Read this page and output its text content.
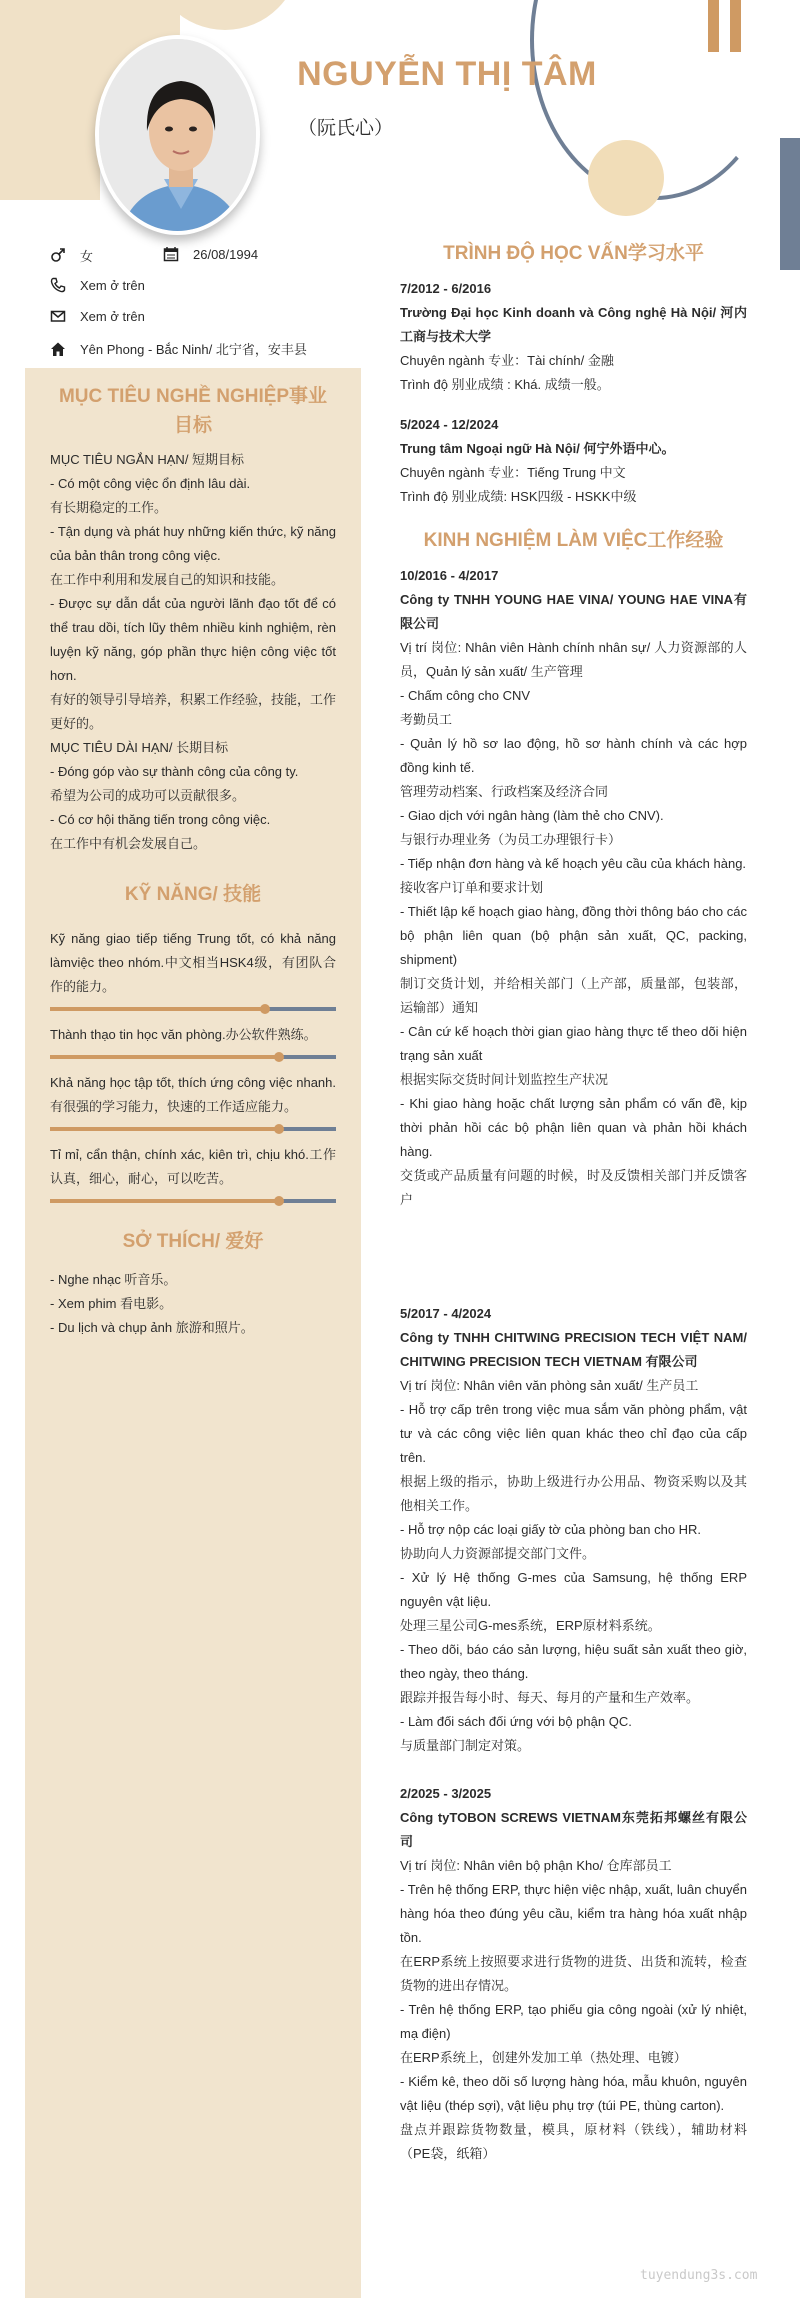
NGUYỄN THỊ TÂM
（阮氏心）
女	26/08/1994
Xem ở trên
Xem ở trên
Yên Phong - Bắc Ninh/ 北宁省，安丰县
MỤC TIÊU NGHỀ NGHIỆP事业目标
MỤC TIÊU NGẮN HẠN/ 短期目标
- Có một công việc ổn định lâu dài.
有长期稳定的工作。
- Tận dụng và phát huy những kiến thức, kỹ năng của bản thân trong công việc.
在工作中利用和发展自己的知识和技能。
- Được sự dẫn dắt của người lãnh đạo tốt để có thể trau dồi, tích lũy thêm nhiều kinh nghiệm, rèn luyện kỹ năng, góp phần thực hiện công việc tốt hơn.
有好的领导引导培养，积累工作经验，技能，工作更好的。
MỤC TIÊU DÀI HẠN/ 长期目标
- Đóng góp vào sự thành công của công ty.
希望为公司的成功可以贡献很多。
- Có cơ hội thăng tiến trong công việc.
在工作中有机会发展自己。
KỸ NĂNG/ 技能
Kỹ năng giao tiếp tiếng Trung tốt, có khả năng làmviệc theo nhóm.中文相当HSK4级，有团队合作的能力。
Thành thạo tin học văn phòng.办公软件熟练。
Khả năng học tập tốt, thích ứng công việc nhanh.有很强的学习能力，快速的工作适应能力。
Tỉ mỉ, cẩn thận, chính xác, kiên trì, chịu khó.工作认真，细心，耐心，可以吃苦。
SỞ THÍCH/ 爱好
- Nghe nhạc 听音乐。
- Xem phim 看电影。
- Du lịch và chụp ảnh 旅游和照片。
TRÌNH ĐỘ HỌC VẤN学习水平
7/2012 - 6/2016
Trường Đại học Kinh doanh và Công nghệ Hà Nội/ 河内工商与技术大学
Chuyên ngành 专业：Tài chính/ 金融
Trình độ 别业成绩 : Khá. 成绩一般。
5/2024 - 12/2024
Trung tâm Ngoại ngữ Hà Nội/ 何宁外语中心。
Chuyên ngành 专业：Tiếng Trung 中文
Trình độ 别业成绩: HSK四级 - HSKK中级
KINH NGHIỆM LÀM VIỆC工作经验
10/2016 - 4/2017
Công ty TNHH YOUNG HAE VINA/ YOUNG HAE VINA有限公司
Vị trí 岗位: Nhân viên Hành chính nhân sự/ 人力资源部的人员，Quản lý sản xuất/ 生产管理
- Chấm công cho CNV
考勤员工
- Quản lý hồ sơ lao động, hồ sơ hành chính và các hợp đồng kinh tế.
管理劳动档案、行政档案及经济合同
- Giao dịch với ngân hàng (làm thẻ cho CNV).
与银行办理业务（为员工办理银行卡）
- Tiếp nhận đơn hàng và kế hoạch yêu cầu của khách hàng.
接收客户订单和要求计划
- Thiết lập kế hoạch giao hàng, đồng thời thông báo cho các bộ phận liên quan (bộ phận sản xuất, QC, packing, shipment)
制订交货计划，并给相关部门（上产部，质量部，包装部，运输部）通知
- Cân cứ kế hoạch thời gian giao hàng thực tế theo dõi hiện trạng sản xuất
根据实际交货时间计划监控生产状况
- Khi giao hàng hoặc chất lượng sản phẩm có vấn đề, kịp thời phản hồi các bộ phận liên quan và phản hồi khách hàng.
交货或产品质量有问题的时候，时及反馈相关部门并反馈客户
5/2017 - 4/2024
Công ty TNHH CHITWING PRECISION TECH VIỆT NAM/ CHITWING PRECISION TECH VIETNAM 有限公司
Vị trí 岗位: Nhân viên văn phòng sản xuất/ 生产员工
- Hỗ trợ cấp trên trong việc mua sắm văn phòng phẩm, vật tư và các công việc liên quan khác theo chỉ đạo của cấp trên.
根据上级的指示，协助上级进行办公用品、物资采购以及其他相关工作。
- Hỗ trợ nộp các loại giấy tờ của phòng ban cho HR.
协助向人力资源部提交部门文件。
- Xử lý Hệ thống G-mes của Samsung, hệ thống ERP nguyên vật liệu.
处理三星公司G-mes系统，ERP原材料系统。
- Theo dõi, báo cáo sản lượng, hiệu suất sản xuất theo giờ, theo ngày, theo tháng.
跟踪并报告每小时、每天、每月的产量和生产效率。
- Làm đối sách đối ứng với bộ phận QC.
与质量部门制定对策。
2/2025 - 3/2025
Công tyTOBON SCREWS VIETNAM东莞拓邦螺丝有限公司
Vị trí 岗位: Nhân viên bộ phận Kho/ 仓库部员工
- Trên hệ thống ERP, thực hiện việc nhập, xuất, luân chuyển hàng hóa theo đúng yêu cầu, kiểm tra hàng hóa xuất nhập tồn.
在ERP系统上按照要求进行货物的进货、出货和流转，检查货物的进出存情况。
- Trên hệ thống ERP, tạo phiếu gia công ngoài (xử lý nhiệt, mạ điện)
在ERP系统上，创建外发加工单（热处理、电镀）
- Kiểm kê, theo dõi số lượng hàng hóa, mẫu khuôn, nguyên vật liệu (thép sợi), vật liệu phụ trợ (túi PE, thùng carton).
盘点并跟踪货物数量，模具，原材料（铁线），辅助材料（PE袋，纸箱）
tuyendung3s.com
